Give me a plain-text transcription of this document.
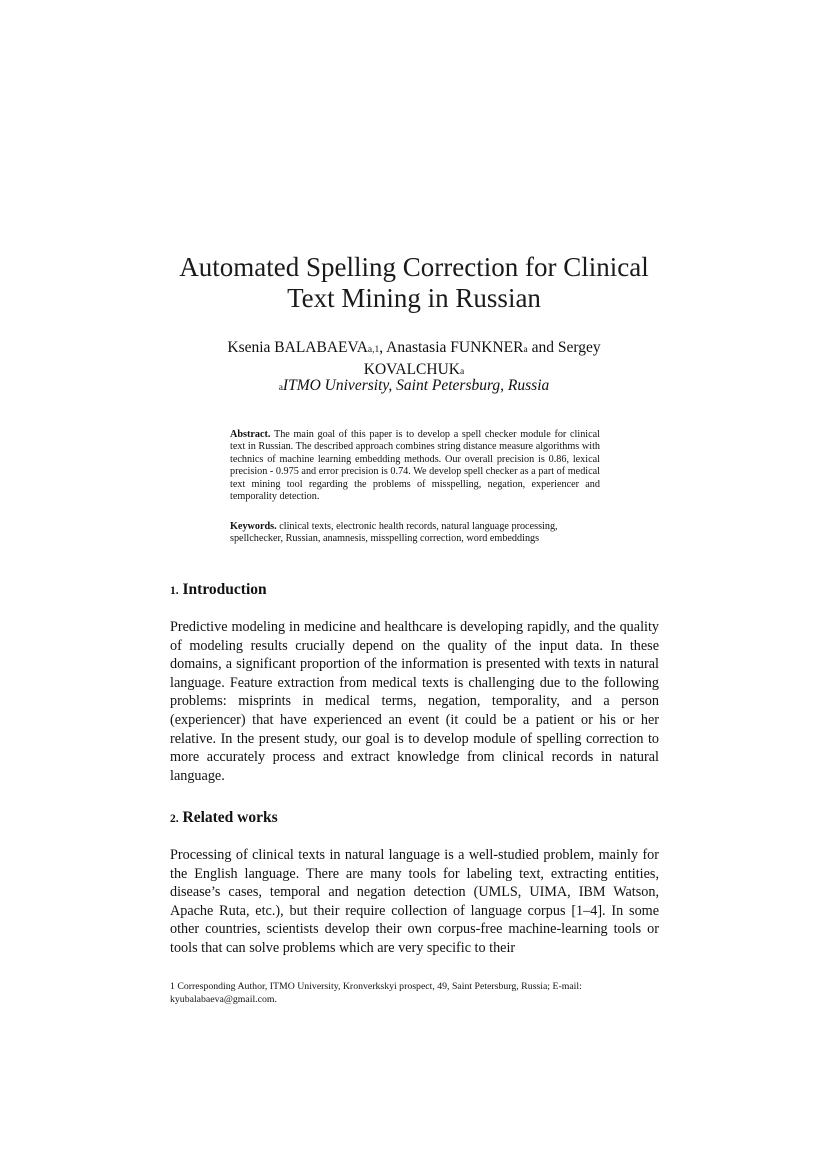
Automated Spelling Correction for Clinical
Text Mining in Russian

Ksenia BALABAEVAa,1, Anastasia FUNKNERa and Sergey
KOVALCHUKa

aITMO University, Saint Petersburg, Russia

Abstract. The main goal of this paper is to develop a spell checker module for clinical text in Russian. The described approach combines string distance measure algorithms with technics of machine learning embedding methods. Our overall precision is 0.86, lexical precision - 0.975 and error precision is 0.74. We develop spell checker as a part of medical text mining tool regarding the problems of misspelling, negation, experiencer and temporality detection.

Keywords. clinical texts, electronic health records, natural language processing, spellchecker, Russian, anamnesis, misspelling correction, word embeddings

1. Introduction

Predictive modeling in medicine and healthcare is developing rapidly, and the quality of modeling results crucially depend on the quality of the input data. In these domains, a significant proportion of the information is presented with texts in natural language. Feature extraction from medical texts is challenging due to the following problems: misprints in medical terms, negation, temporality, and a person (experiencer) that have experienced an event (it could be a patient or his or her relative. In the present study, our goal is to develop module of spelling correction to more accurately process and extract knowledge from clinical records in natural language.

2. Related works

Processing of clinical texts in natural language is a well-studied problem, mainly for the English language. There are many tools for labeling text, extracting entities, disease’s cases, temporal and negation detection (UMLS, UIMA, IBM Watson, Apache Ruta, etc.), but their require collection of language corpus [1–4]. In some other countries, scientists develop their own corpus-free machine-learning tools or tools that can solve problems which are very specific to their

1 Corresponding Author, ITMO University, Kronverkskyi prospect, 49, Saint Petersburg, Russia; E-mail: kyubalabaeva@gmail.com.
